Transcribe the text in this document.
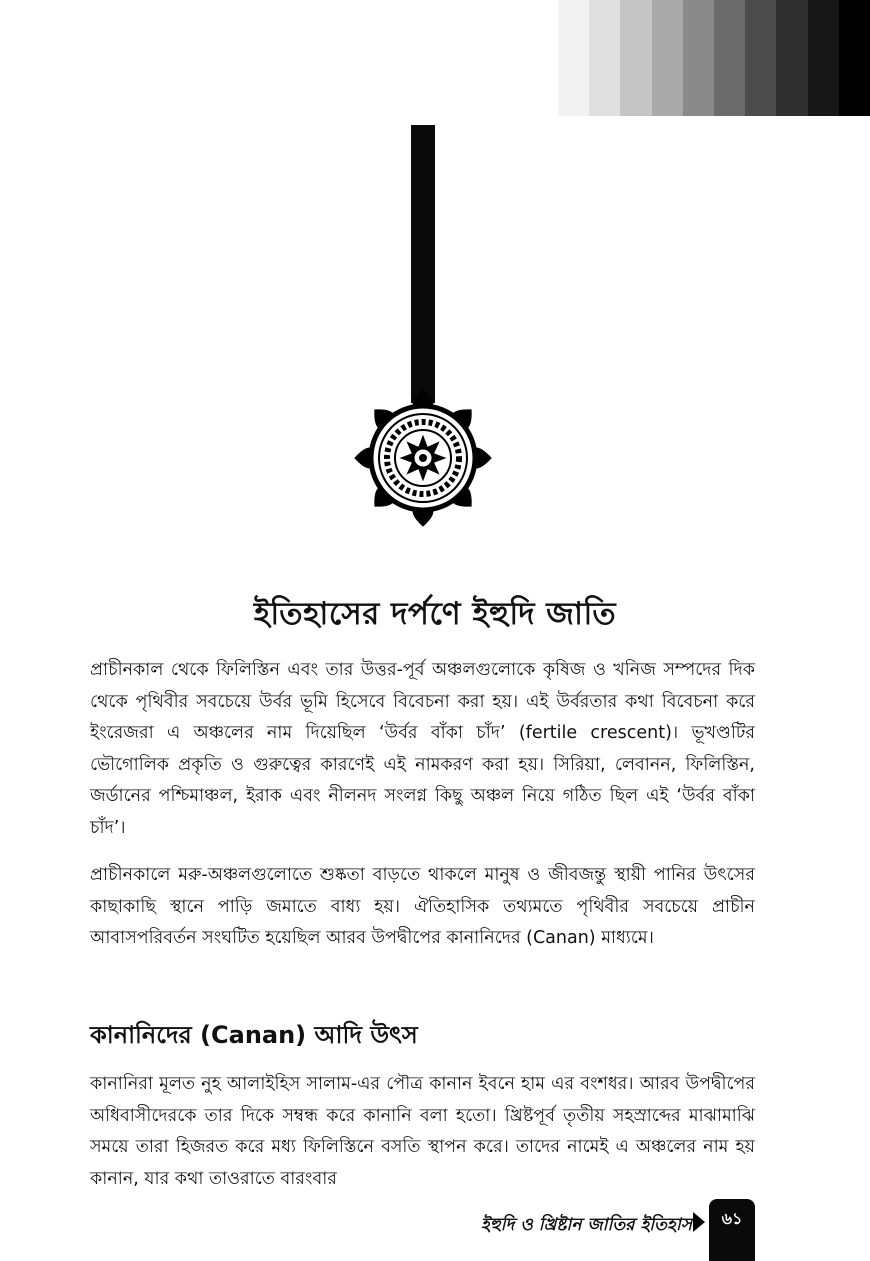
ইতিহাসের দর্পণে ইহুদি জাতি

প্রাচীনকাল থেকে ফিলিস্তিন এবং তার উত্তর-পূর্ব অঞ্চলগুলোকে কৃষিজ ও খনিজ সম্পদের দিক থেকে পৃথিবীর সবচেয়ে উর্বর ভূমি হিসেবে বিবেচনা করা হয়। এই উর্বরতার কথা বিবেচনা করে ইংরেজরা এ অঞ্চলের নাম দিয়েছিল ‘উর্বর বাঁকা চাঁদ’ (fertile crescent)। ভূখণ্ডটির ভৌগোলিক প্রকৃতি ও গুরুত্বের কারণেই এই নামকরণ করা হয়। সিরিয়া, লেবানন, ফিলিস্তিন, জর্ডানের পশ্চিমাঞ্চল, ইরাক এবং নীলনদ সংলগ্ন কিছু অঞ্চল নিয়ে গঠিত ছিল এই ‘উর্বর বাঁকা চাঁদ’।

প্রাচীনকালে মরু-অঞ্চলগুলোতে শুষ্কতা বাড়তে থাকলে মানুষ ও জীবজন্তু স্থায়ী পানির উৎসের কাছাকাছি স্থানে পাড়ি জমাতে বাধ্য হয়। ঐতিহাসিক তথ্যমতে পৃথিবীর সবচেয়ে প্রাচীন আবাসপরিবর্তন সংঘটিত হয়েছিল আরব উপদ্বীপের কানানিদের (Canan) মাধ্যমে।

কানানিদের (Canan) আদি উৎস

কানানিরা মূলত নুহ আলাইহিস সালাম-এর পৌত্র কানান ইবনে হাম এর বংশধর। আরব উপদ্বীপের অধিবাসীদেরকে তার দিকে সম্বন্ধ করে কানানি বলা হতো। খ্রিষ্টপূর্ব তৃতীয় সহস্রাব্দের মাঝামাঝি সময়ে তারা হিজরত করে মধ্য ফিলিস্তিনে বসতি স্থাপন করে। তাদের নামেই এ অঞ্চলের নাম হয় কানান, যার কথা তাওরাতে বারংবার

ইহুদি ও খ্রিষ্টান জাতির ইতিহাস	৬১
